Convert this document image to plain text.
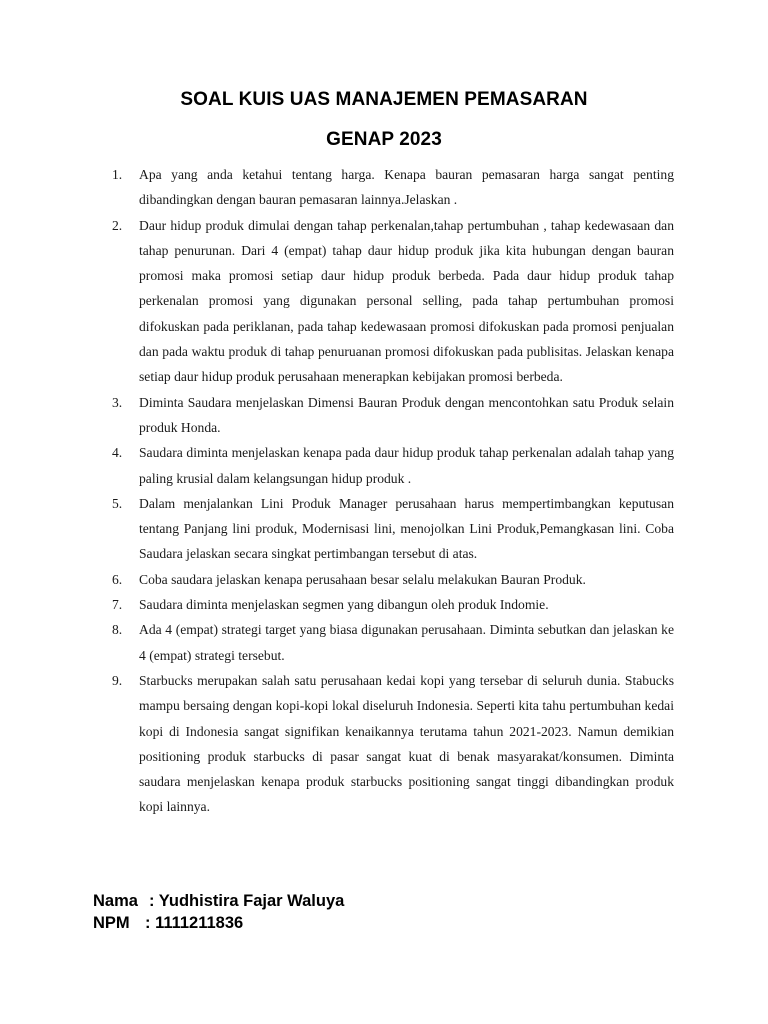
SOAL KUIS UAS MANAJEMEN PEMASARAN
GENAP 2023
1.	Apa yang anda ketahui tentang harga. Kenapa bauran pemasaran harga sangat penting dibandingkan dengan bauran pemasaran lainnya.Jelaskan .
2.	Daur hidup produk dimulai dengan tahap perkenalan,tahap pertumbuhan , tahap kedewasaan dan tahap penurunan. Dari 4 (empat) tahap daur hidup produk jika kita hubungan dengan bauran promosi maka promosi setiap daur hidup produk berbeda. Pada daur hidup produk tahap perkenalan promosi yang digunakan personal selling, pada tahap pertumbuhan promosi difokuskan pada periklanan, pada tahap kedewasaan promosi difokuskan pada promosi penjualan dan pada waktu produk di tahap penuruanan promosi difokuskan pada publisitas. Jelaskan kenapa setiap daur hidup produk perusahaan menerapkan kebijakan promosi berbeda.
3.	Diminta Saudara menjelaskan Dimensi Bauran Produk dengan mencontohkan satu Produk selain produk Honda.
4.	Saudara diminta menjelaskan kenapa pada daur hidup produk tahap perkenalan adalah tahap yang paling krusial dalam kelangsungan hidup produk .
5.	Dalam menjalankan Lini Produk Manager perusahaan harus mempertimbangkan keputusan tentang Panjang lini produk, Modernisasi lini, menojolkan Lini Produk,Pemangkasan lini. Coba Saudara jelaskan secara singkat pertimbangan tersebut di atas.
6.	Coba saudara jelaskan kenapa perusahaan besar selalu melakukan Bauran Produk.
7.	Saudara diminta menjelaskan segmen yang dibangun oleh produk Indomie.
8.	Ada 4 (empat) strategi target yang biasa digunakan perusahaan. Diminta sebutkan dan jelaskan ke 4 (empat) strategi tersebut.
9.	Starbucks merupakan salah satu perusahaan kedai kopi yang tersebar di seluruh dunia. Stabucks mampu bersaing dengan kopi-kopi lokal diseluruh Indonesia. Seperti kita tahu pertumbuhan kedai kopi di Indonesia sangat signifikan kenaikannya terutama tahun 2021-2023. Namun demikian positioning produk starbucks di pasar sangat kuat di benak masyarakat/konsumen. Diminta saudara menjelaskan kenapa produk starbucks positioning sangat tinggi dibandingkan produk kopi lainnya.
Nama : Yudhistira Fajar Waluya
NPM : 1111211836
